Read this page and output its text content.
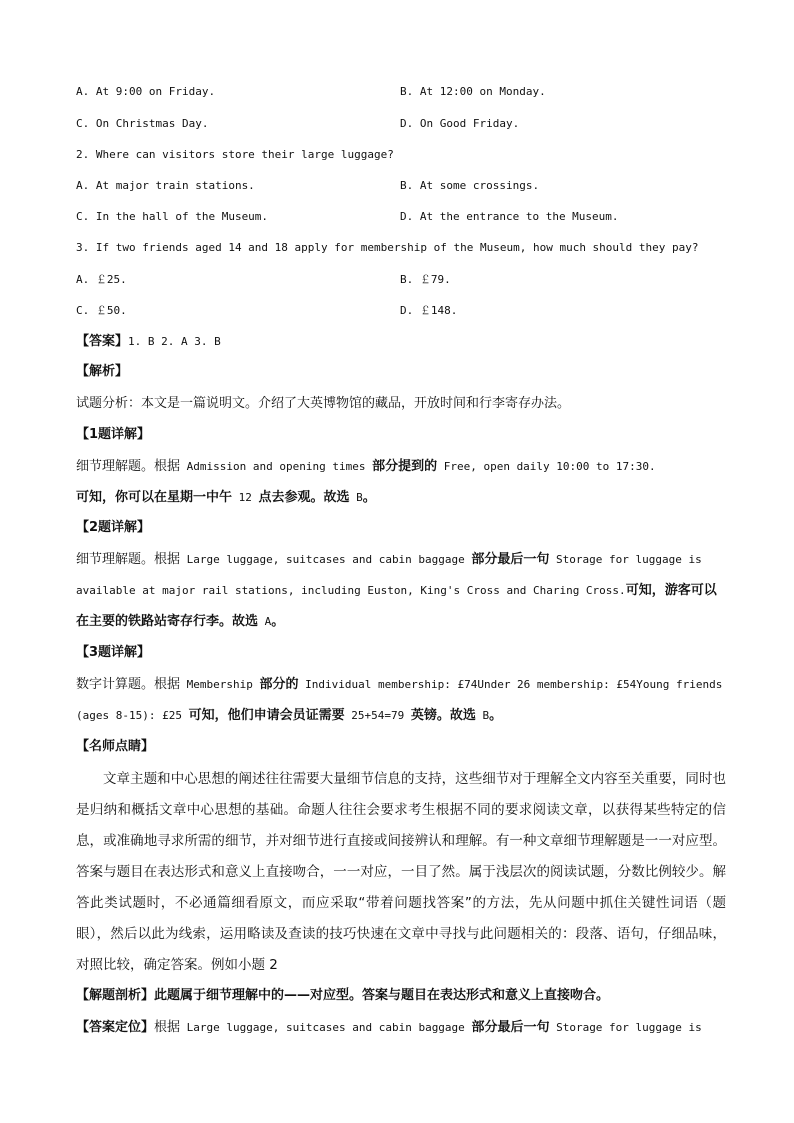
A. At 9:00 on Friday.	B. At 12:00 on Monday.
C. On Christmas Day.	D. On Good Friday.
2. Where can visitors store their large luggage?
A. At major train stations.	B. At some crossings.
C. In the hall of the Museum.	D. At the entrance to the Museum.
3. If two friends aged 14 and 18 apply for membership of the Museum, how much should they pay?
A. ￡25.	B. ￡79.
C. ￡50.	D. ￡148.
【答案】1. B 2. A 3. B
【解析】
试题分析：本文是一篇说明文。介绍了大英博物馆的藏品，开放时间和行李寄存办法。
【1题详解】
细节理解题。根据 Admission and opening times 部分提到的 Free, open daily 10:00 to 17:30.
可知，你可以在星期一中午 12 点去参观。故选 B。
【2题详解】
细节理解题。根据 Large luggage, suitcases and cabin baggage 部分最后一句 Storage for luggage is available at major rail stations, including Euston, King's Cross and Charing Cross.可知，游客可以在主要的铁路站寄存行李。故选 A。
【3题详解】
数字计算题。根据 Membership 部分的 Individual membership: £74Under 26 membership: £54Young friends (ages 8-15): £25 可知，他们申请会员证需要 25+54=79 英镑。故选 B。
【名师点睛】
文章主题和中心思想的阐述往往需要大量细节信息的支持，这些细节对于理解全文内容至关重要，同时也是归纳和概括文章中心思想的基础。命题人往往会要求考生根据不同的要求阅读文章，以获得某些特定的信息，或准确地寻求所需的细节，并对细节进行直接或间接辨认和理解。有一种文章细节理解题是一一对应型。答案与题目在表达形式和意义上直接吻合，一一对应，一目了然。属于浅层次的阅读试题，分数比例较少。解答此类试题时，不必通篇细看原文，而应采取“带着问题找答案”的方法，先从问题中抓住关键性词语（题眼），然后以此为线索，运用略读及查读的技巧快速在文章中寻找与此问题相关的：段落、语句，仔细品味，对照比较，确定答案。例如小题 2
【解题剖析】此题属于细节理解中的——对应型。答案与题目在表达形式和意义上直接吻合。
【答案定位】根据 Large luggage, suitcases and cabin baggage 部分最后一句 Storage for luggage is
